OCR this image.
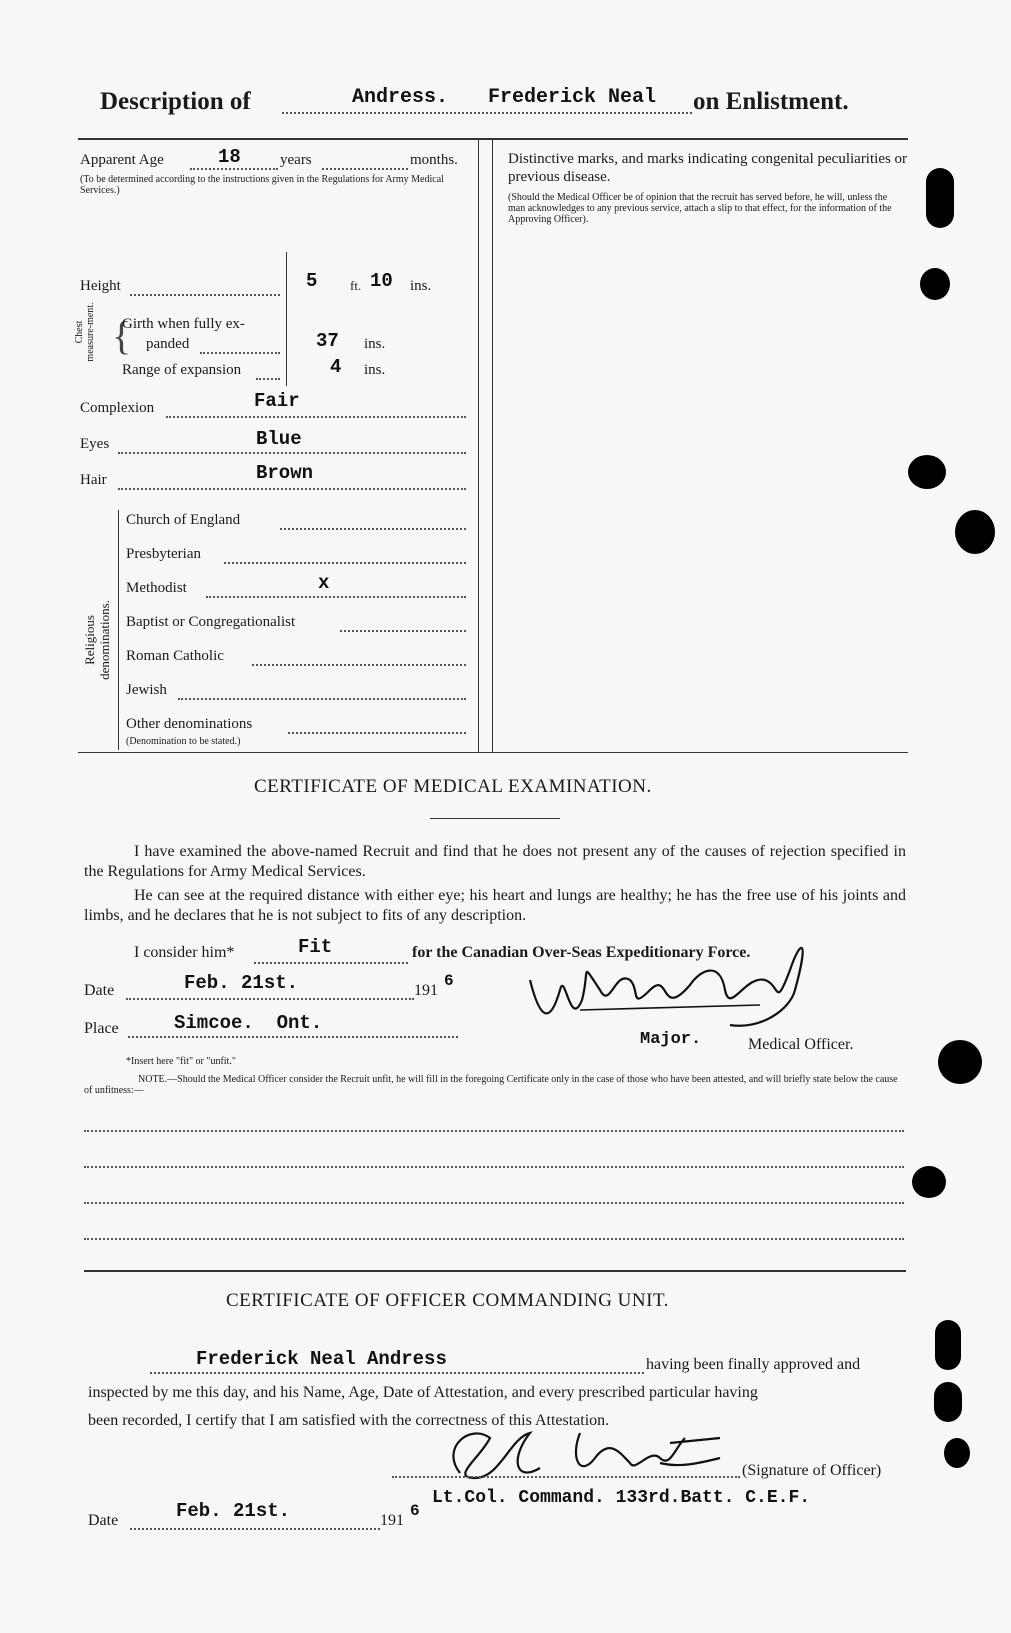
Description of	Andress. Frederick Neal on Enlistment.
Apparent Age	18	years	months.
(To be determined according to the instructions given in the Regulations for Army Medical Services.)
Height	5	ft. 10 ins.
Chest measure-ment. {
Girth when fully ex-
panded	37 ins.
Range of expansion	4 ins.
Complexion	Fair
Eyes	Blue
Hair	Brown
Religious denominations.
Church of England
Presbyterian
Methodist	x
Baptist or Congregationalist
Roman Catholic
Jewish
Other denominations
(Denomination to be stated.)
Distinctive marks, and marks indicating congenital peculiarities or previous disease.
(Should the Medical Officer be of opinion that the recruit has served before, he will, unless the man acknowledges to any previous service, attach a slip to that effect, for the information of the Approving Officer).
CERTIFICATE OF MEDICAL EXAMINATION.
I have examined the above-named Recruit and find that he does not present any of the causes of rejection specified in the Regulations for Army Medical Services.
He can see at the required distance with either eye; his heart and lungs are healthy; he has the free use of his joints and limbs, and he declares that he is not subject to fits of any description.
I consider him*	Fit	for the Canadian Over-Seas Expeditionary Force.
Date	Feb. 21st.	191
6
Place	Simcoe.  Ont.
Major.	Medical Officer.
*Insert here "fit" or "unfit."
NOTE.—Should the Medical Officer consider the Recruit unfit, he will fill in the foregoing Certificate only in the case of those who have been attested, and will briefly state below the cause of unfitness:—
CERTIFICATE OF OFFICER COMMANDING UNIT.
Frederick Neal Andress	having been finally approved and
inspected by me this day, and his Name, Age, Date of Attestation, and every prescribed particular having
been recorded, I certify that I am satisfied with the correctness of this Attestation.
(Signature of Officer)
Lt.Col. Command. 133rd.Batt. C.E.F.
Date	Feb. 21st.	191
6
